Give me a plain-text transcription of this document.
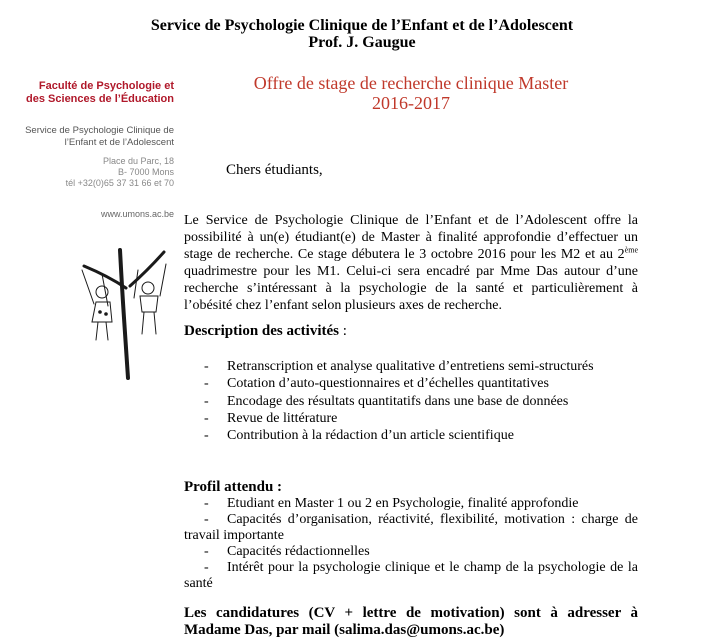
Service de Psychologie Clinique de l’Enfant et de l’Adolescent
Prof. J. Gaugue
Offre de stage de recherche clinique Master
2016-2017
Faculté de Psychologie et
des Sciences de l’Éducation
Service de Psychologie Clinique de
l’Enfant et de l’Adolescent
Place du Parc, 18
B- 7000 Mons
tél +32(0)65 37 31 66 et 70
www.umons.ac.be
Chers étudiants,
Le Service de Psychologie Clinique de l’Enfant et de l’Adolescent offre la possibilité à un(e) étudiant(e) de Master à finalité approfondie d’effectuer un stage de recherche. Ce stage débutera le 3 octobre 2016 pour les M2 et au 2ème quadrimestre pour les M1. Celui-ci sera encadré par Mme Das autour d’une recherche s’intéressant à la psychologie de la santé et particulièrement à l’obésité chez l’enfant selon plusieurs axes de recherche.
Description des activités :
- Retranscription et analyse qualitative d’entretiens semi-structurés
- Cotation d’auto-questionnaires et d’échelles quantitatives
- Encodage des résultats quantitatifs dans une base de données
- Revue de littérature
- Contribution à la rédaction d’un article scientifique
Profil attendu :

- Etudiant en Master 1 ou 2 en Psychologie, finalité approfondie

- Capacités d’organisation, réactivité, flexibilité, motivation : charge de travail importante

- Capacités rédactionnelles

- Intérêt pour la psychologie clinique et le champ de la psychologie de la santé

Les candidatures (CV + lettre de motivation) sont à adresser à Madame Das, par mail (salima.das@umons.ac.be)
